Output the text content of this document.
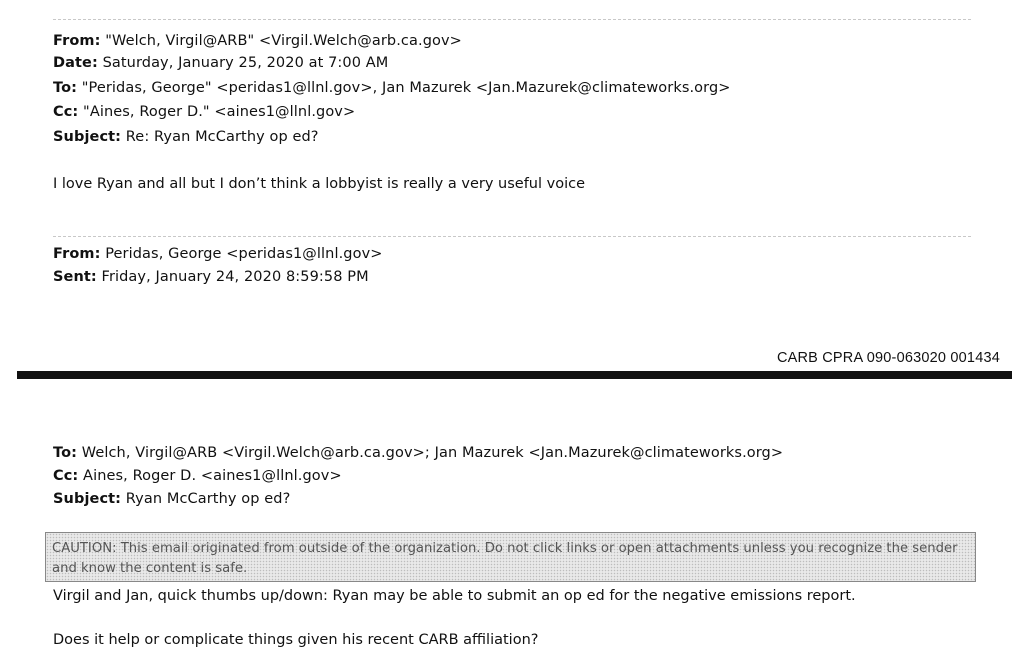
From: "Welch, Virgil@ARB" <Virgil.Welch@arb.ca.gov>
Date: Saturday, January 25, 2020 at 7:00 AM
To: "Peridas, George" <peridas1@llnl.gov>, Jan Mazurek <Jan.Mazurek@climateworks.org>
Cc: "Aines, Roger D." <aines1@llnl.gov>
Subject: Re: Ryan McCarthy op ed?
I love Ryan and all but I don’t think a lobbyist is really a very useful voice
From: Peridas, George <peridas1@llnl.gov>
Sent: Friday, January 24, 2020 8:59:58 PM
CARB CPRA 090-063020 001434
To: Welch, Virgil@ARB <Virgil.Welch@arb.ca.gov>; Jan Mazurek <Jan.Mazurek@climateworks.org>
Cc: Aines, Roger D. <aines1@llnl.gov>
Subject: Ryan McCarthy op ed?
CAUTION: This email originated from outside of the organization. Do not click links or open attachments unless you recognize the sender and know the content is safe.
Virgil and Jan, quick thumbs up/down: Ryan may be able to submit an op ed for the negative emissions report.
Does it help or complicate things given his recent CARB affiliation?
